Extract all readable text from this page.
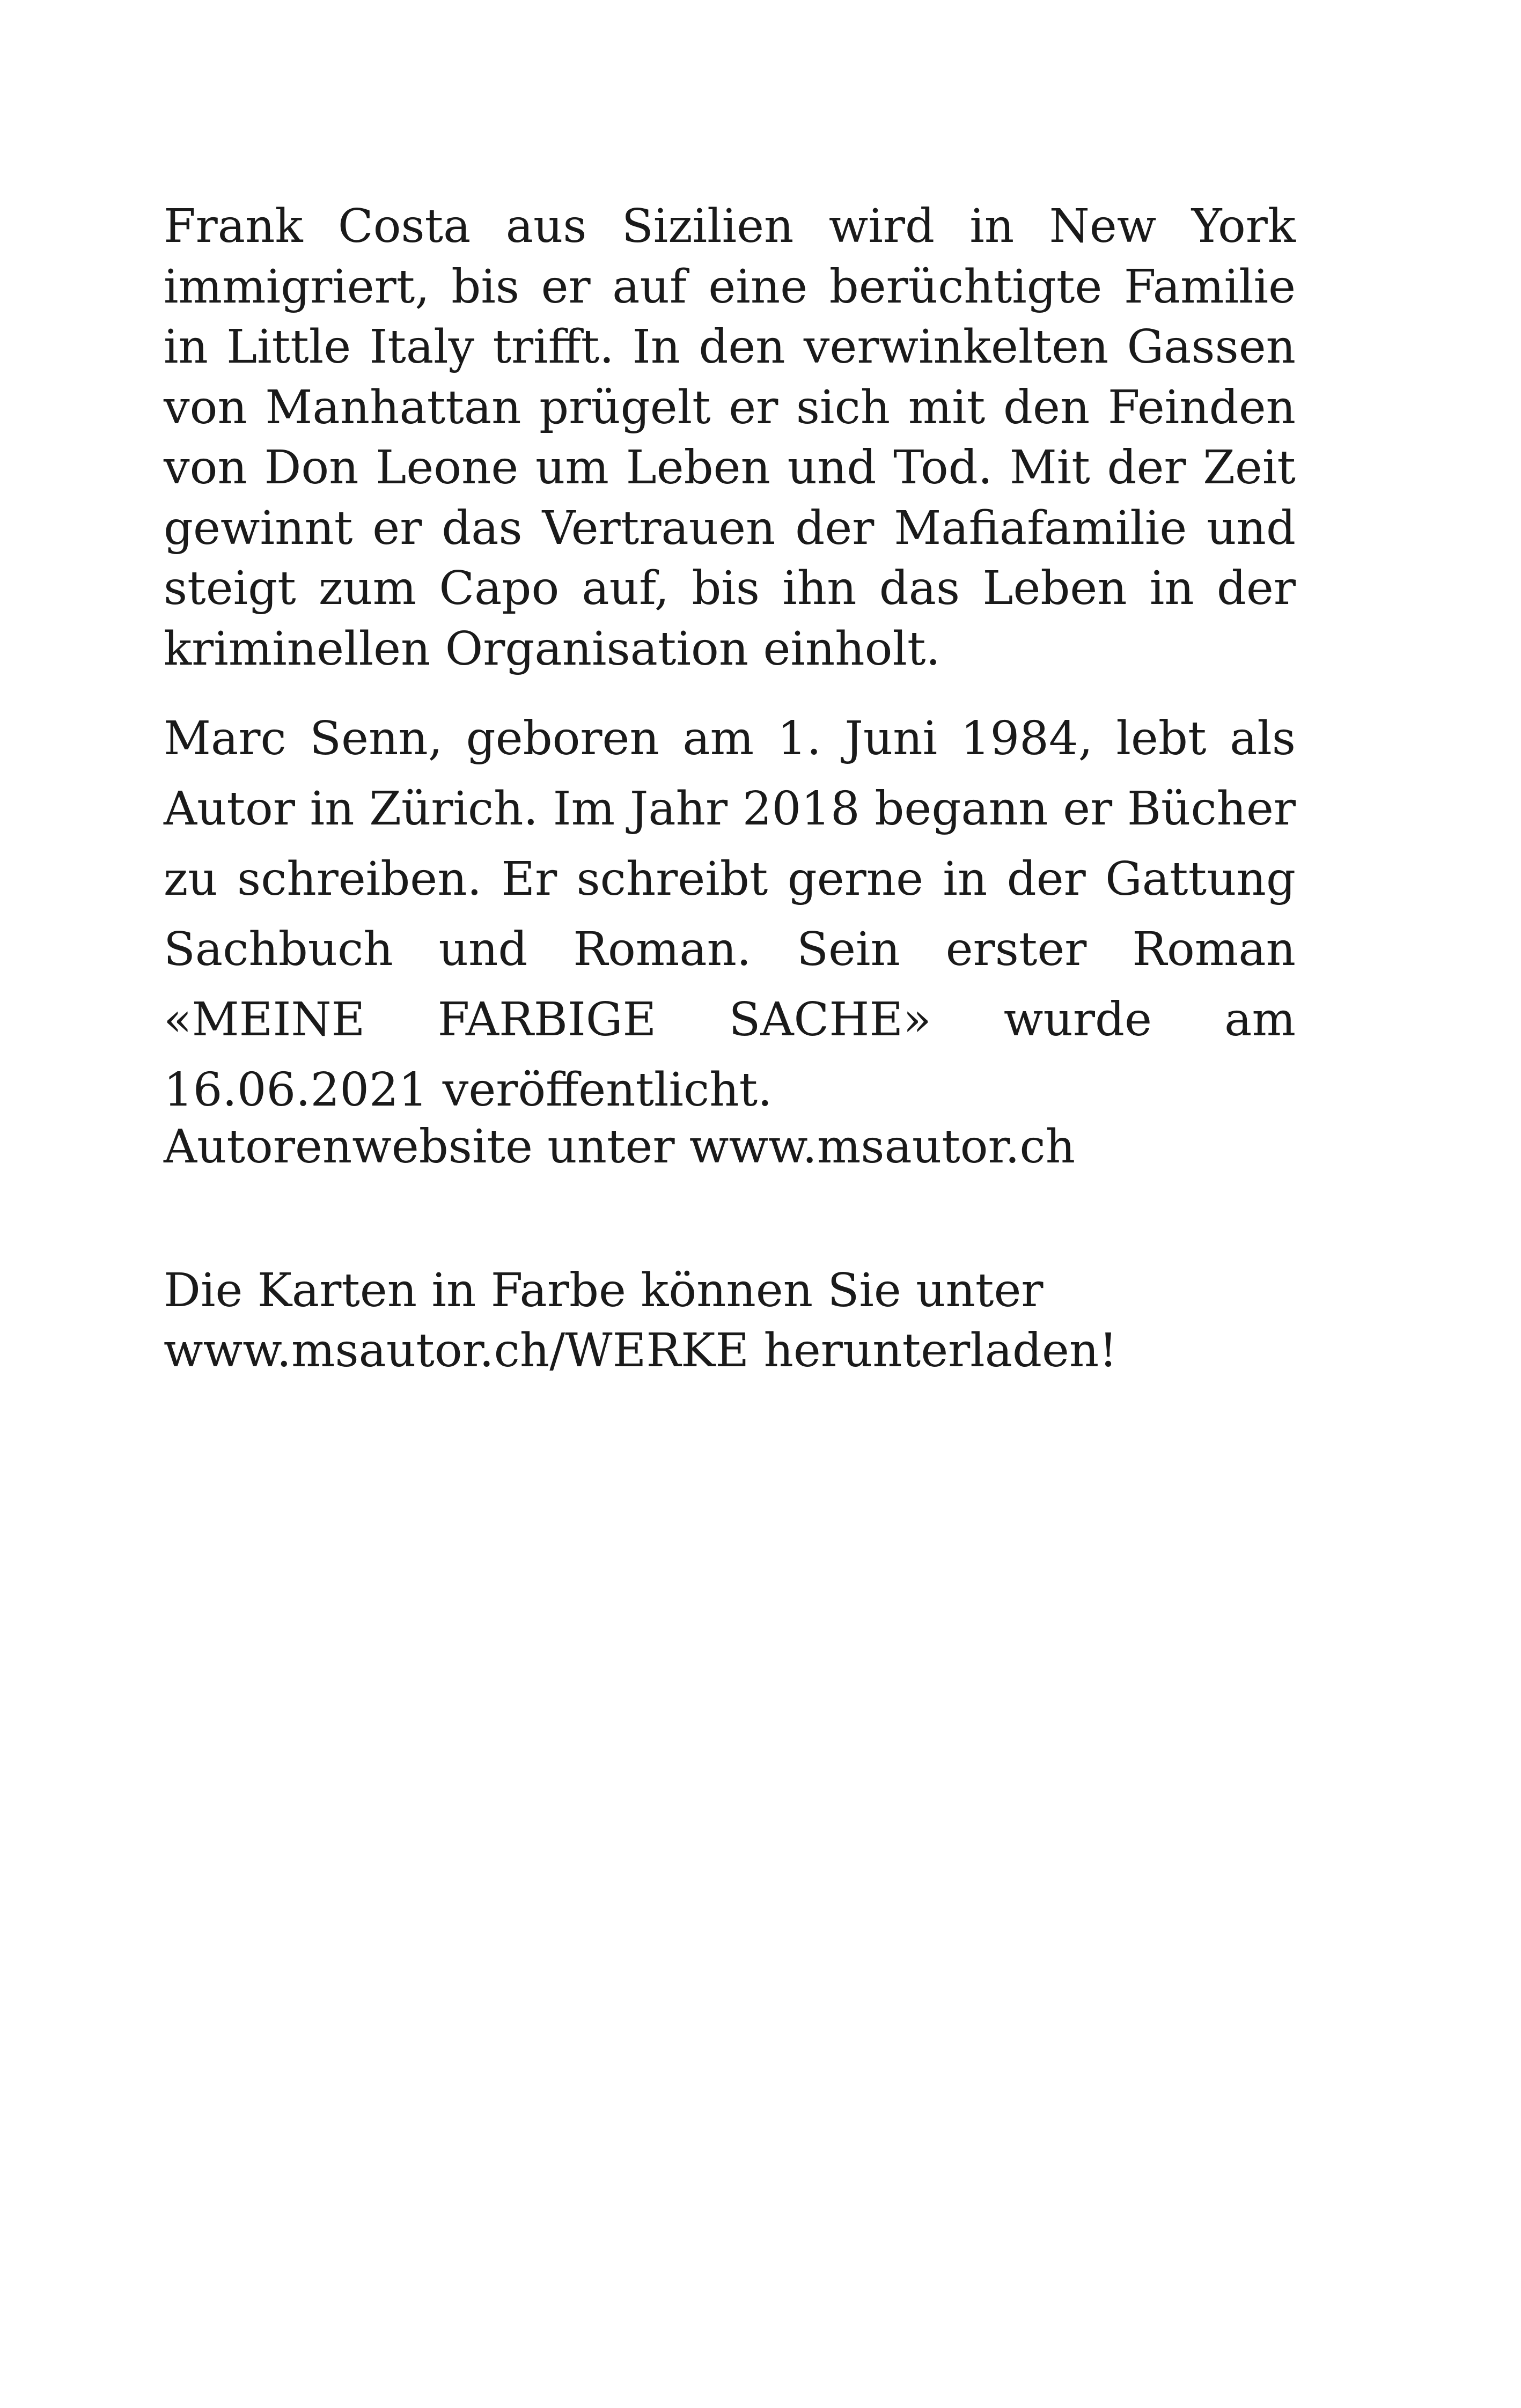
Frank Costa aus Sizilien wird in New York immigriert, bis er auf eine berüchtigte Familie in Little Italy trifft. In den verwinkelten Gassen von Manhattan prügelt er sich mit den Feinden von Don Leone um Leben und Tod. Mit der Zeit gewinnt er das Vertrauen der Mafiafamilie und steigt zum Capo auf, bis ihn das Leben in der kriminellen Organisation einholt.

Marc Senn, geboren am 1. Juni 1984, lebt als Autor in Zürich. Im Jahr 2018 begann er Bücher zu schreiben. Er schreibt gerne in der Gattung Sachbuch und Roman. Sein erster Roman «MEINE FARBIGE SACHE» wurde am 16.06.2021 veröffentlicht.

Autorenwebsite unter www.msautor.ch

Die Karten in Farbe können Sie unter
www.msautor.ch/WERKE herunterladen!
